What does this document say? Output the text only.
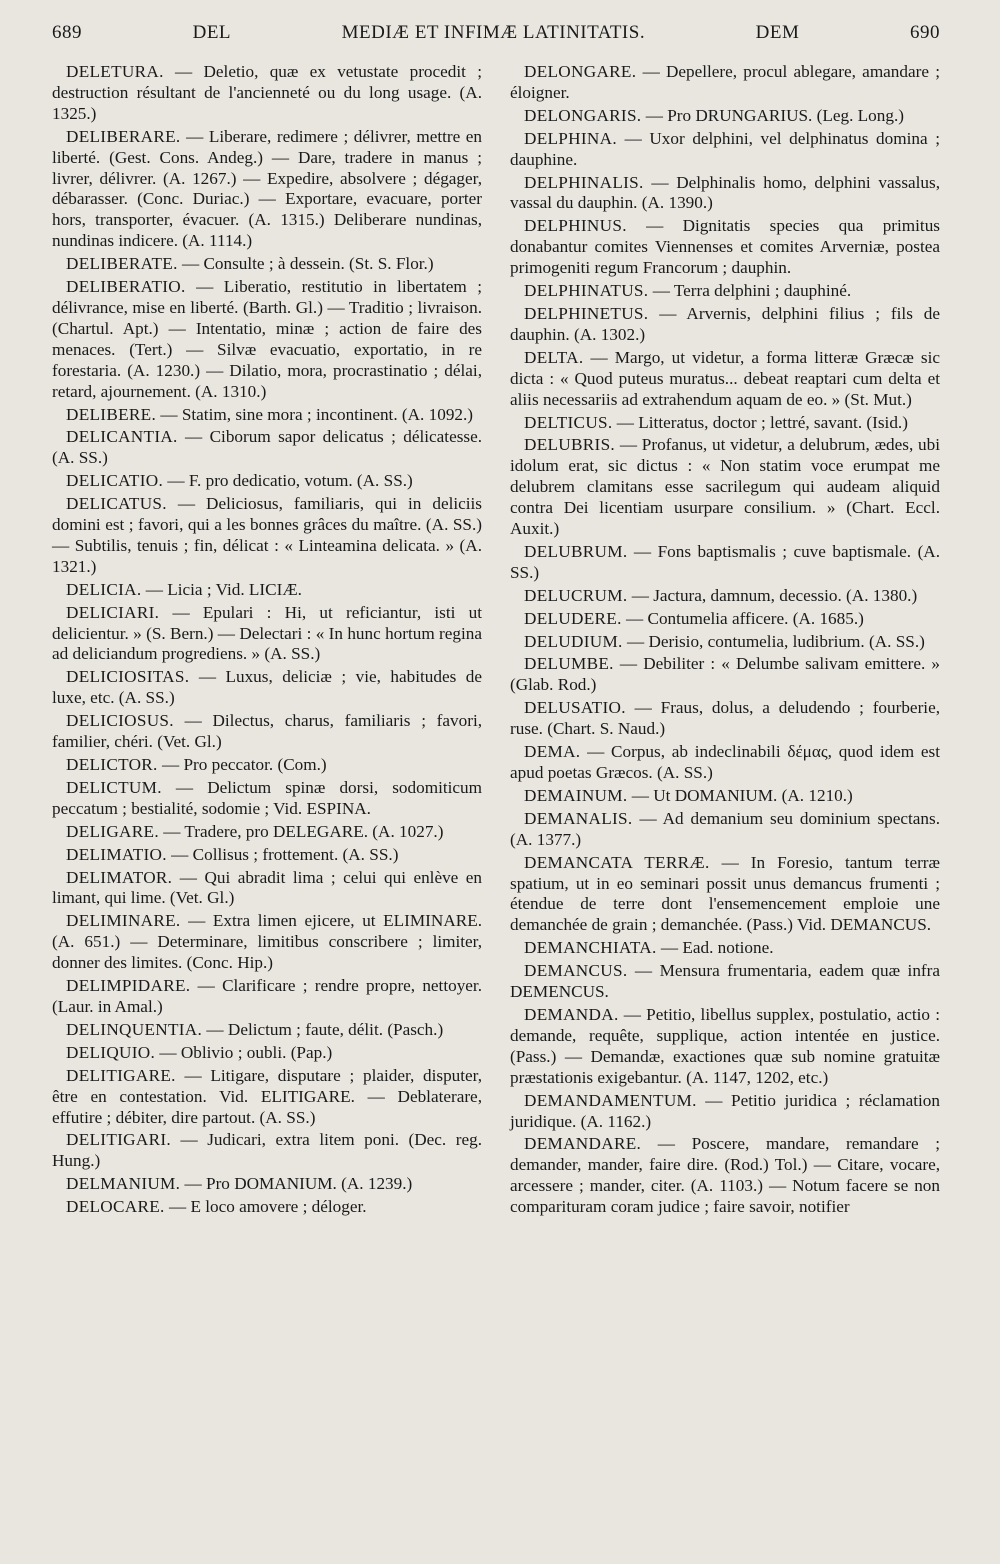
689	DEL	MEDIÆ ET INFIMÆ LATINITATIS.	DEM	690

DELETURA. — Deletio, quæ ex vetustate procedit ; destruction résultant de l'ancienneté ou du long usage. (A. 1325.)

DELIBERARE. — Liberare, redimere ; délivrer, mettre en liberté. (Gest. Cons. Andeg.) — Dare, tradere in manus ; livrer, délivrer. (A. 1267.) — Expedire, absolvere ; dégager, débarasser. (Conc. Duriac.) — Exportare, evacuare, porter hors, transporter, évacuer. (A. 1315.) Deliberare nundinas, nundinas indicere. (A. 1114.)

DELIBERATE. — Consulte ; à dessein. (St. S. Flor.)

DELIBERATIO. — Liberatio, restitutio in libertatem ; délivrance, mise en liberté. (Barth. Gl.) — Traditio ; livraison. (Chartul. Apt.) — Intentatio, minæ ; action de faire des menaces. (Tert.) — Silvæ evacuatio, exportatio, in re forestaria. (A. 1230.) — Dilatio, mora, procrastinatio ; délai, retard, ajournement. (A. 1310.)

DELIBERE. — Statim, sine mora ; incontinent. (A. 1092.)

DELICANTIA. — Ciborum sapor delicatus ; délicatesse. (A. SS.)

DELICATIO. — F. pro dedicatio, votum. (A. SS.)

DELICATUS. — Deliciosus, familiaris, qui in deliciis domini est ; favori, qui a les bonnes grâces du maître. (A. SS.) — Subtilis, tenuis ; fin, délicat : « Linteamina delicata. » (A. 1321.)

DELICIA. — Licia ; Vid. LICIÆ.

DELICIARI. — Epulari : Hi, ut reficiantur, isti ut delicientur. » (S. Bern.) — Delectari : « In hunc hortum regina ad deliciandum progrediens. » (A. SS.)

DELICIOSITAS. — Luxus, deliciæ ; vie, habitudes de luxe, etc. (A. SS.)

DELICIOSUS. — Dilectus, charus, familiaris ; favori, familier, chéri. (Vet. Gl.)

DELICTOR. — Pro peccator. (Com.)

DELICTUM. — Delictum spinæ dorsi, sodomiticum peccatum ; bestialité, sodomie ; Vid. ESPINA.

DELIGARE. — Tradere, pro DELEGARE. (A. 1027.)

DELIMATIO. — Collisus ; frottement. (A. SS.)

DELIMATOR. — Qui abradit lima ; celui qui enlève en limant, qui lime. (Vet. Gl.)

DELIMINARE. — Extra limen ejicere, ut ELIMINARE. (A. 651.) — Determinare, limitibus conscribere ; limiter, donner des limites. (Conc. Hip.)

DELIMPIDARE. — Clarificare ; rendre propre, nettoyer. (Laur. in Amal.)

DELINQUENTIA. — Delictum ; faute, délit. (Pasch.)

DELIQUIO. — Oblivio ; oubli. (Pap.)

DELITIGARE. — Litigare, disputare ; plaider, disputer, être en contestation. Vid. ELITIGARE. — Deblaterare, effutire ; débiter, dire partout. (A. SS.)

DELITIGARI. — Judicari, extra litem poni. (Dec. reg. Hung.)

DELMANIUM. — Pro DOMANIUM. (A. 1239.)

DELOCARE. — E loco amovere ; déloger.

DELONGARE. — Depellere, procul ablegare, amandare ; éloigner.

DELONGARIS. — Pro DRUNGARIUS. (Leg. Long.)

DELPHINA. — Uxor delphini, vel delphinatus domina ; dauphine.

DELPHINALIS. — Delphinalis homo, delphini vassalus, vassal du dauphin. (A. 1390.)

DELPHINUS. — Dignitatis species qua primitus donabantur comites Viennenses et comites Arverniæ, postea primogeniti regum Francorum ; dauphin.

DELPHINATUS. — Terra delphini ; dauphiné.

DELPHINETUS. — Arvernis, delphini filius ; fils de dauphin. (A. 1302.)

DELTA. — Margo, ut videtur, a forma litteræ Græcæ sic dicta : « Quod puteus muratus... debeat reaptari cum delta et aliis necessariis ad extrahendum aquam de eo. » (St. Mut.)

DELTICUS. — Litteratus, doctor ; lettré, savant. (Isid.)

DELUBRIS. — Profanus, ut videtur, a delubrum, ædes, ubi idolum erat, sic dictus : « Non statim voce erumpat me delubrem clamitans esse sacrilegum qui audeam aliquid contra Dei licentiam usurpare consilium. » (Chart. Eccl. Auxit.)

DELUBRUM. — Fons baptismalis ; cuve baptismale. (A. SS.)

DELUCRUM. — Jactura, damnum, decessio. (A. 1380.)

DELUDERE. — Contumelia afficere. (A. 1685.)

DELUDIUM. — Derisio, contumelia, ludibrium. (A. SS.)

DELUMBE. — Debiliter : « Delumbe salivam emittere. » (Glab. Rod.)

DELUSATIO. — Fraus, dolus, a deludendo ; fourberie, ruse. (Chart. S. Naud.)

DEMA. — Corpus, ab indeclinabili δέμας, quod idem est apud poetas Græcos. (A. SS.)

DEMAINUM. — Ut DOMANIUM. (A. 1210.)

DEMANALIS. — Ad demanium seu dominium spectans. (A. 1377.)

DEMANCATA TERRÆ. — In Foresio, tantum terræ spatium, ut in eo seminari possit unus demancus frumenti ; étendue de terre dont l'ensemencement emploie une demanchée de grain ; demanchée. (Pass.) Vid. DEMANCUS.

DEMANCHIATA. — Ead. notione.

DEMANCUS. — Mensura frumentaria, eadem quæ infra DEMENCUS.

DEMANDA. — Petitio, libellus supplex, postulatio, actio : demande, requête, supplique, action intentée en justice. (Pass.) — Demandæ, exactiones quæ sub nomine gratuitæ præstationis exigebantur. (A. 1147, 1202, etc.)

DEMANDAMENTUM. — Petitio juridica ; réclamation juridique. (A. 1162.)

DEMANDARE. — Poscere, mandare, remandare ; demander, mander, faire dire. (Rod.) Tol.) — Citare, vocare, arcessere ; mander, citer. (A. 1103.) — Notum facere se non comparituram coram judice ; faire savoir, notifier
